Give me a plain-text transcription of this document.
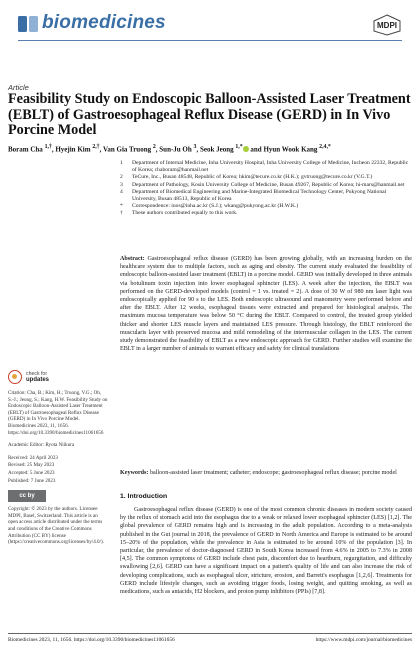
biomedicines	MDPI
Article
Feasibility Study on Endoscopic Balloon-Assisted Laser Treatment (EBLT) of Gastroesophageal Reflux Disease (GERD) in In Vivo Porcine Model
Boram Cha $^{1,\dagger}$, Hyejin Kim $^{2,\dagger}$, Van Gia Truong $^2$, Sun-Ju Oh $^3$, Seok Jeong $^{1,*}$ and Hyun Wook Kang $^{2,4,*}$
1	Department of Internal Medicine, Inha University Hospital, Inha University College of Medicine, Incheon 22332, Republic of Korea; chaboram@hanmail.net
2	TeCure, Inc., Busan 48548, Republic of Korea; hkim@tecure.co.kr (H.K.); gvtruong@tecure.co.kr (V.G.T.)
3	Department of Pathology, Kosin University College of Medicine, Busan 49267, Republic of Korea; hi-mars@hanmail.net
4	Department of Biomedical Engineering and Marine-Integrated Biomedical Technology Center, Pukyong National University, Busan 48513, Republic of Korea
*	Correspondence: inos@inha.ac.kr (S.J.); wkang@pukyong.ac.kr (H.W.K.)
†	These authors contributed equally to this work.
Abstract: Gastroesophageal reflux disease (GERD) has been growing globally, with an increasing burden on the healthcare system due to multiple factors, such as aging and obesity. The current study evaluated the feasibility of endoscopic balloon-assisted laser treatment (EBLT) in a porcine model. GERD was initially developed in three animals via botulinum toxin injection into lower esophageal sphincter (LES). A week after the injection, the EBLT was performed on the GERD-developed models (control = 1 vs. treated = 2). A dose of 30 W of 980 nm laser light was endoscopically applied for 90 s to the LES. Both endoscopic ultrasound and manometry were performed before and after the EBLT. After 12 weeks, esophageal tissues were extracted and prepared for histological analysis. The maximum mucosa temperature was below 50 °C during the EBLT. Compared to control, the treated group yielded thicker and shorter LES muscle layers and maintained LES pressure. Through histology, the EBLT reinforced the muscularis layer with preserved mucosa and mild remodeling of the intermuscular collagen in the LES. The current study demonstrated the feasibility of EBLT as a new endoscopic approach for GERD. Further studies will examine the EBLT in a larger number of animals to warrant efficacy and safety for clinical translations
Keywords: balloon-assisted laser treatment; catheter; endoscope; gastroesophageal reflux disease; porcine model
check for
updates
Citation: Cha, B.; Kim, H.; Truong, V.G.; Oh, S.-J.; Jeong, S.; Kang, H.W. Feasibility Study on Endoscopic Balloon-Assisted Laser Treatment (EBLT) of Gastroesophageal Reflux Disease (GERD) in In Vivo Porcine Model. Biomedicines 2023, 11, 1656. https://doi.org/10.3390/biomedicines11061656
Academic Editor: Ryota Niikura
Received: 24 April 2023
Revised: 25 May 2023
Accepted: 5 June 2023
Published: 7 June 2023
cc by
Copyright: © 2023 by the authors. Licensee MDPI, Basel, Switzerland. This article is an open access article distributed under the terms and conditions of the Creative Commons Attribution (CC BY) license (https://creativecommons.org/licenses/by/4.0/).
1. Introduction

Gastroesophageal reflux disease (GERD) is one of the most common chronic diseases in modern society caused by the reflux of stomach acid into the esophagus due to a weak or relaxed lower esophageal sphincter (LES) [1,2]. The global prevalence of GERD remains high and is increasing in the adult population. According to a meta-analysis published in the Gut journal in 2018, the prevalence of GERD in North America and Europe is estimated to be around 15–20% of the population, while the prevalence in Asia is estimated to be around 10% of the population [3]. In particular, the prevalence of doctor-diagnosed GERD in South Korea increased from 4.6% in 2005 to 7.3% in 2008 [4,5]. The common symptoms of GERD include chest pain, discomfort due to heartburn, regurgitation, and difficulty swallowing [2,6]. GERD can have a significant impact on a patient's quality of life and can also increase the risk of developing complications, such as esophageal ulcer, stricture, erosion, and Barrett's esophagus [1,2,6]. Treatments for GERD include lifestyle changes, such as avoiding trigger foods, losing weight, and quitting smoking, as well as medications, such as antacids, H2 blockers, and proton pump inhibitors (PPIs) [7,8].

Biomedicines 2023, 11, 1656. https://doi.org/10.3390/biomedicines11061656	https://www.mdpi.com/journal/biomedicines
